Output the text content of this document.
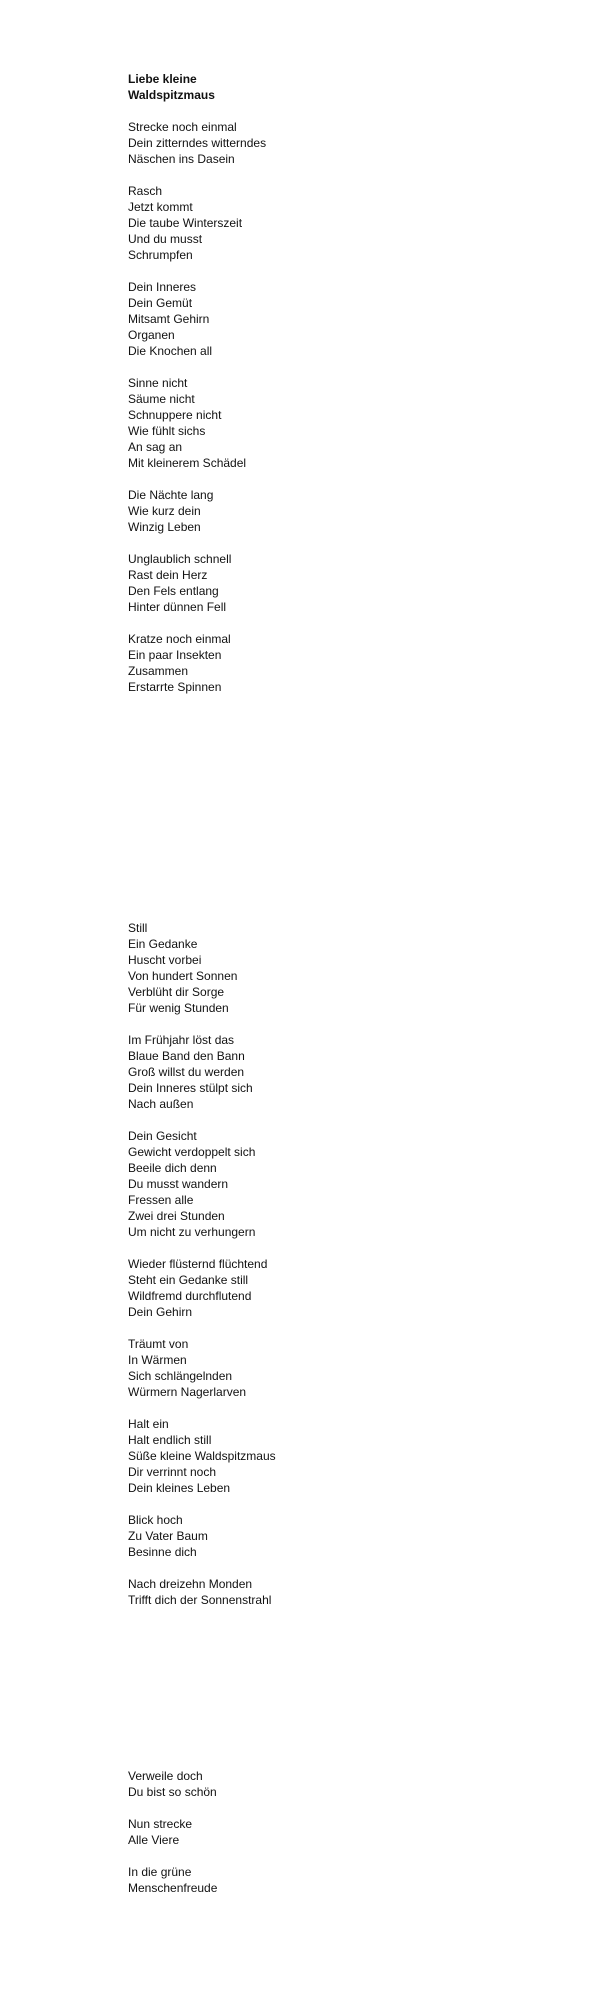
Liebe kleine
Waldspitzmaus
Strecke noch einmal
Dein zitterndes witterndes
Näschen ins Dasein
Rasch
Jetzt kommt
Die taube Winterszeit
Und du musst
Schrumpfen
Dein Inneres
Dein Gemüt
Mitsamt Gehirn
Organen
Die Knochen all
Sinne nicht
Säume nicht
Schnuppere nicht
Wie fühlt sichs
An sag an
Mit kleinerem Schädel
Die Nächte lang
Wie kurz dein
Winzig Leben
Unglaublich schnell
Rast dein Herz
Den Fels entlang
Hinter dünnen Fell
Kratze noch einmal
Ein paar Insekten
Zusammen
Erstarrte Spinnen
Still
Ein Gedanke
Huscht vorbei
Von hundert Sonnen
Verblüht dir Sorge
Für wenig Stunden
Im Frühjahr löst das
Blaue Band den Bann
Groß willst du werden
Dein Inneres stülpt sich
Nach außen
Dein Gesicht
Gewicht verdoppelt sich
Beeile dich denn
Du musst wandern
Fressen alle
Zwei drei Stunden
Um nicht zu verhungern
Wieder flüsternd flüchtend
Steht ein Gedanke still
Wildfremd durchflutend
Dein Gehirn
Träumt von
In Wärmen
Sich schlängelnden
Würmern Nagerlarven
Halt ein
Halt endlich still
Süße kleine Waldspitzmaus
Dir verrinnt noch
Dein kleines Leben
Blick hoch
Zu Vater Baum
Besinne dich
Nach dreizehn Monden
Trifft dich der Sonnenstrahl
Verweile doch
Du bist so schön
Nun strecke
Alle Viere
In die grüne
Menschenfreude
